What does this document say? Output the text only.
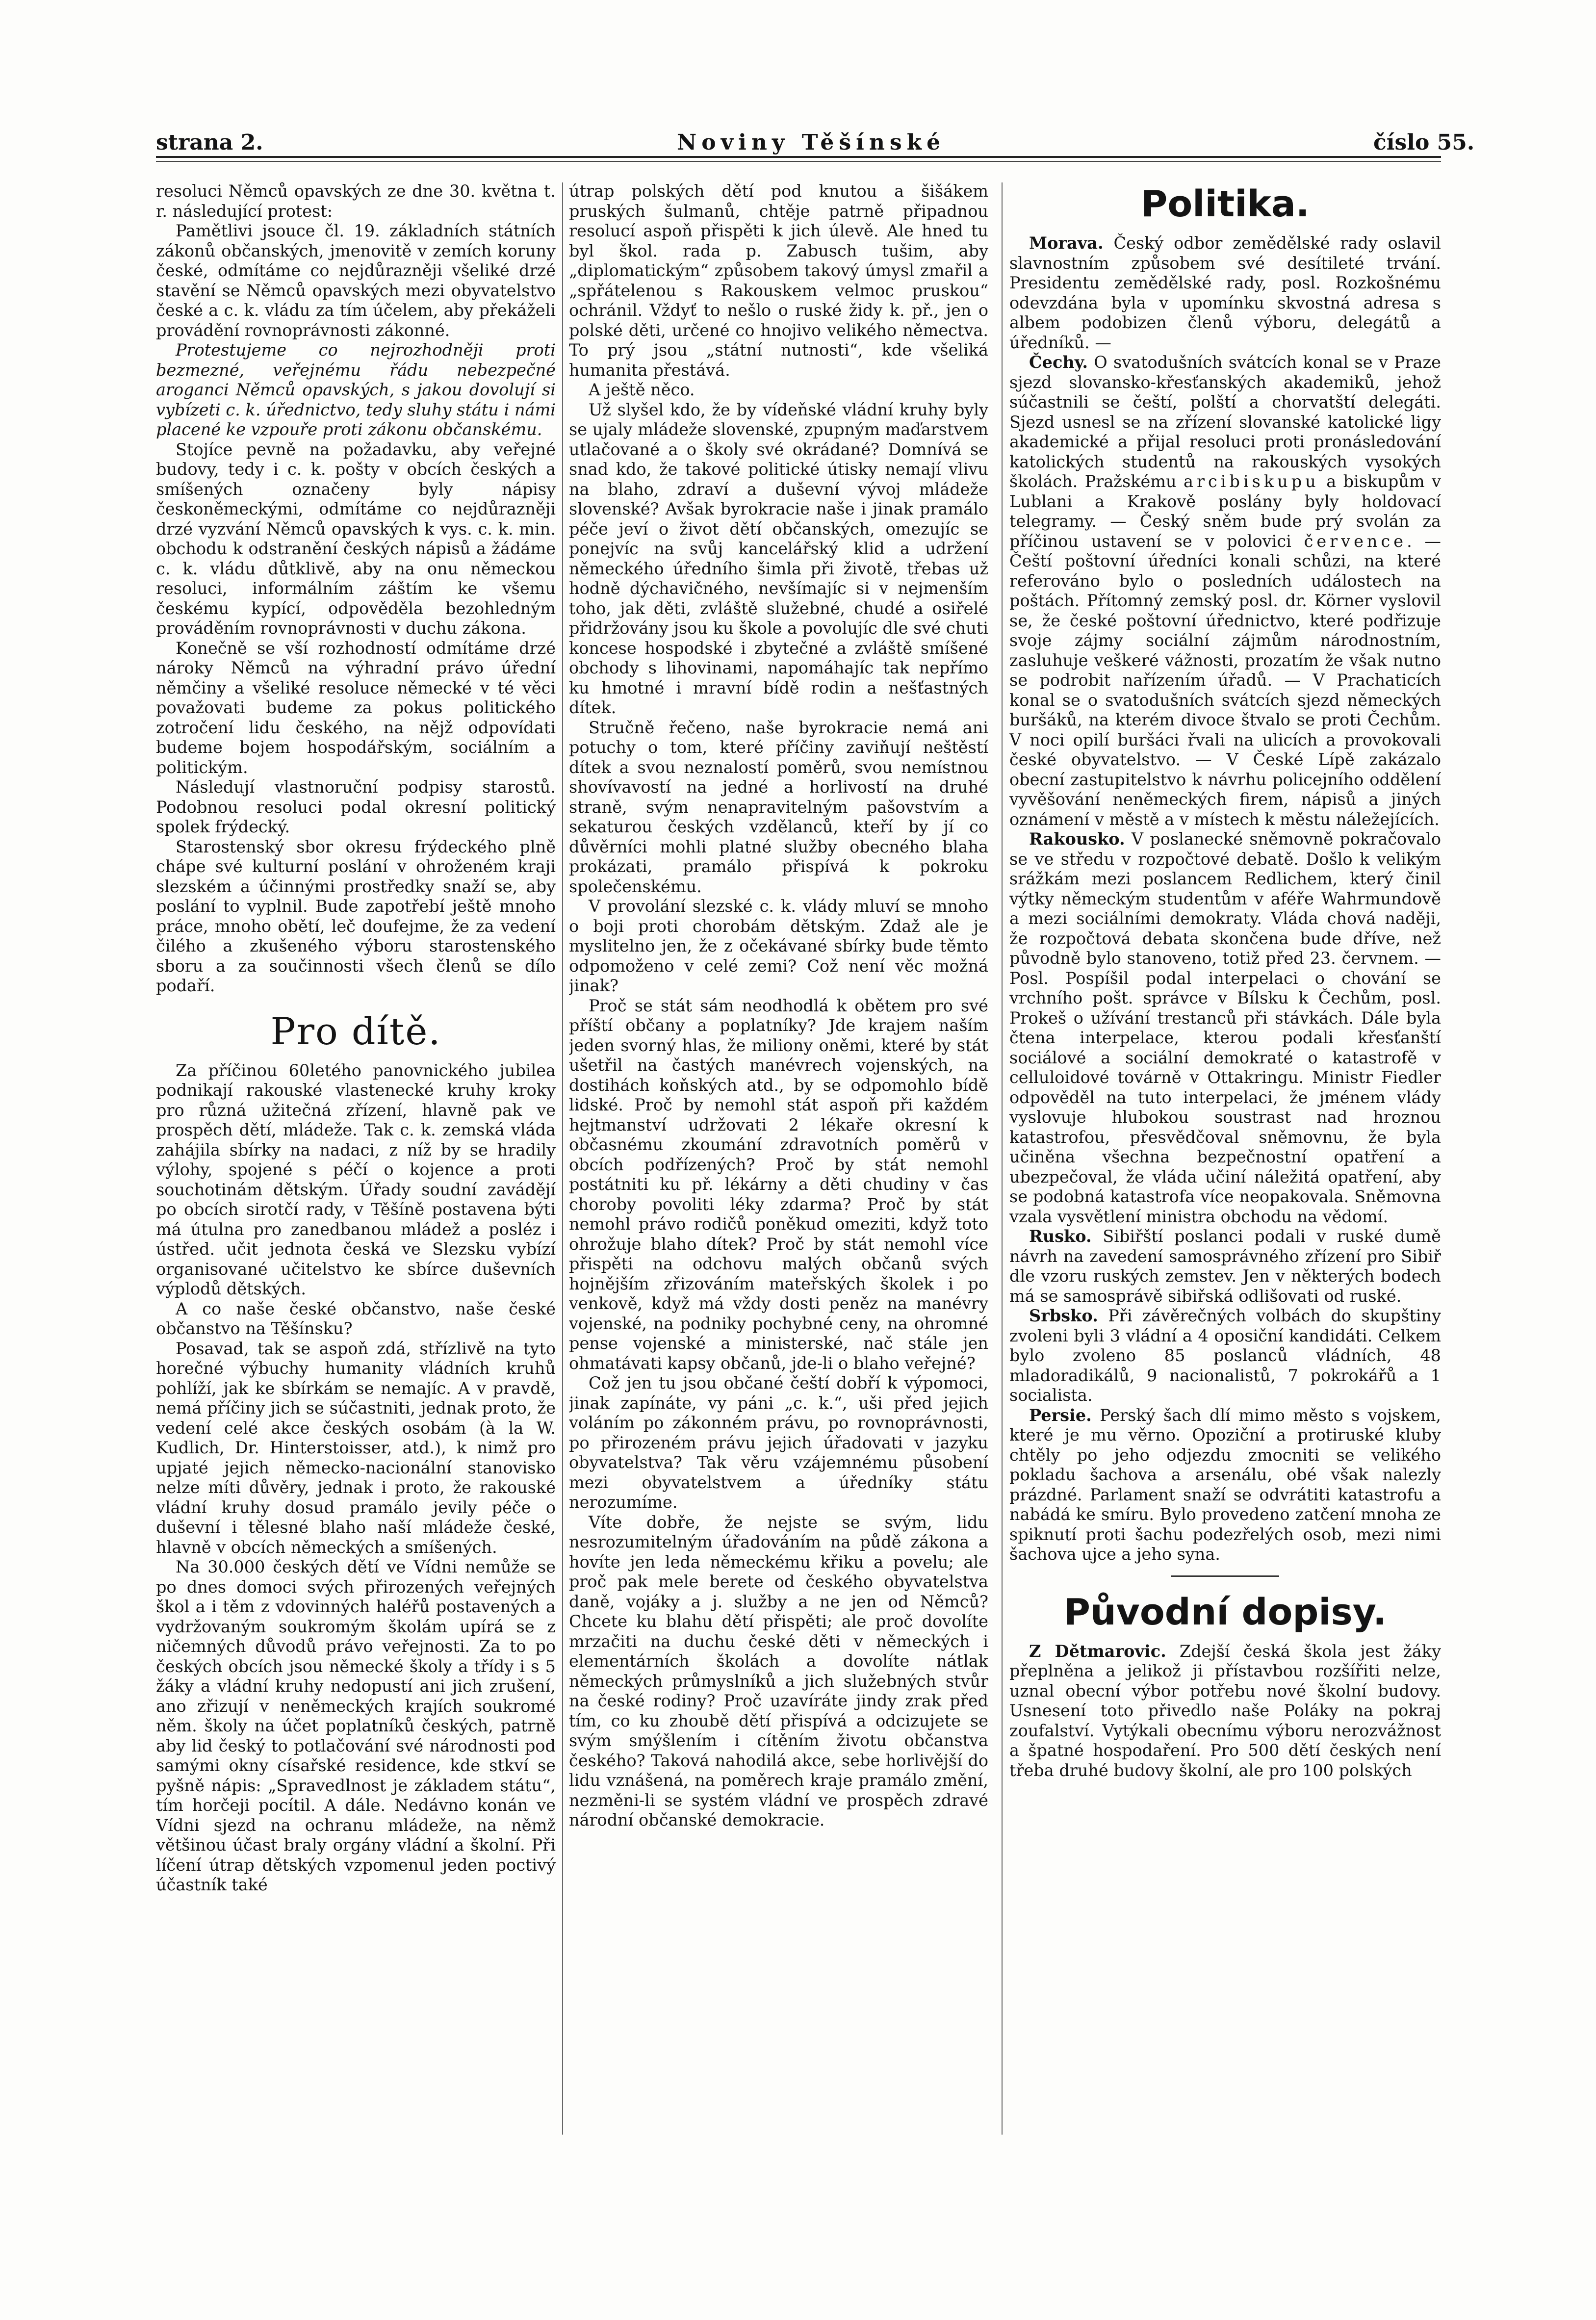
strana 2.	Noviny Těšínské	číslo 55.

resoluci Němců opavských ze dne 30. května t. r. následující protest:

Pamětlivi jsouce čl. 19. základních státních zákonů občanských, jmenovitě v zemích koruny české, odmítáme co nejdůrazněji všeliké drzé stavění se Němců opavských mezi obyvatelstvo české a c. k. vládu za tím účelem, aby překáželi provádění rovnoprávnosti zákonné.

Protestujeme co nejrozhodněji proti bezmezné, veřejnému řádu nebezpečné aroganci Němců opavských, s jakou dovolují si vybízeti c. k. úřednictvo, tedy sluhy státu i námi placené ke vzpouře proti zákonu občanskému.

Stojíce pevně na požadavku, aby veřejné budovy, tedy i c. k. pošty v obcích českých a smíšených označeny byly nápisy českoněmeckými, odmítáme co nejdůrazněji drzé vyzvání Němců opavských k vys. c. k. min. obchodu k odstranění českých nápisů a žádáme c. k. vládu důtklivě, aby na onu německou resoluci, informálním záštím ke všemu českému kypící, odpověděla bezohledným prováděním rovnoprávnosti v duchu zákona.

Konečně se vší rozhodností odmítáme drzé nároky Němců na výhradní právo úřední němčiny a všeliké resoluce německé v té věci považovati budeme za pokus politického zotročení lidu českého, na nějž odpovídati budeme bojem hospodářským, sociálním a politickým.

Následují vlastnoruční podpisy starostů. Podobnou resoluci podal okresní politický spolek frýdecký.

Starostenský sbor okresu frýdeckého plně chápe své kulturní poslání v ohroženém kraji slezském a účinnými prostředky snaží se, aby poslání to vyplnil. Bude zapotřebí ještě mnoho práce, mnoho obětí, leč doufejme, že za vedení čilého a zkušeného výboru starostenského sboru a za součinnosti všech členů se dílo podaří.

Pro dítě.

Za příčinou 60letého panovnického jubilea podnikají rakouské vlastenecké kruhy kroky pro různá užitečná zřízení, hlavně pak ve prospěch dětí, mládeže. Tak c. k. zemská vláda zahájila sbírky na nadaci, z níž by se hradily výlohy, spojené s péčí o kojence a proti souchotinám dětským. Úřady soudní zavádějí po obcích sirotčí rady, v Těšíně postavena býti má útulna pro zanedbanou mládež a posléz i ústřed. učit jednota česká ve Slezsku vybízí organisované učitelstvo ke sbírce duševních výplodů dětských.

A co naše české občanstvo, naše české občanstvo na Těšínsku?

Posavad, tak se aspoň zdá, střízlivě na tyto horečné výbuchy humanity vládních kruhů pohlíží, jak ke sbírkám se nemajíc. A v pravdě, nemá příčiny jich se súčastniti, jednak proto, že vedení celé akce českých osobám (à la W. Kudlich, Dr. Hinterstoisser, atd.), k nimž pro upjaté jejich německo-nacionální stanovisko nelze míti důvěry, jednak i proto, že rakouské vládní kruhy dosud pramálo jevily péče o duševní i tělesné blaho naší mládeže české, hlavně v obcích německých a smíšených.

Na 30.000 českých dětí ve Vídni nemůže se po dnes domoci svých přirozených veřejných škol a i těm z vdovinných haléřů postavených a vydržovaným soukromým školám upírá se z ničemných důvodů právo veřejnosti. Za to po českých obcích jsou německé školy a třídy i s 5 žáky a vládní kruhy nedopustí ani jich zrušení, ano zřizují v neněmeckých krajích soukromé něm. školy na účet poplatníků českých, patrně aby lid český to potlačování své národnosti pod samými okny císařské residence, kde stkví se pyšně nápis: „Spravedlnost je základem státu“, tím horčeji pocítil. A dále. Nedávno konán ve Vídni sjezd na ochranu mládeže, na němž většinou účast braly orgány vládní a školní. Při líčení útrap dětských vzpomenul jeden poctivý účastník také

útrap polských dětí pod knutou a šišákem pruských šulmanů, chtěje patrně připadnou resolucí aspoň přispěti k jich úlevě. Ale hned tu byl škol. rada p. Zabusch tušim, aby „diplomatickým“ způsobem takový úmysl zmařil a „spřátelenou s Rakouskem velmoc pruskou“ ochránil. Vždyť to nešlo o ruské židy k. př., jen o polské děti, určené co hnojivo velikého němectva. To prý jsou „státní nutnosti“, kde všeliká humanita přestává.

A ještě něco.

Už slyšel kdo, že by vídeňské vládní kruhy byly se ujaly mládeže slovenské, zpupným maďarstvem utlačované a o školy své okrádané? Domnívá se snad kdo, že takové politické útisky nemají vlivu na blaho, zdraví a duševní vývoj mládeže slovenské? Avšak byrokracie naše i jinak pramálo péče jeví o život dětí občanských, omezujíc se ponejvíc na svůj kancelářský klid a udržení německého úředního šimla při životě, třebas už hodně dýchavičného, nevšímajíc si v nejmenším toho, jak děti, zvláště služebné, chudé a osiřelé přidržovány jsou ku škole a povolujíc dle své chuti koncese hospodské i zbytečné a zvláště smíšené obchody s lihovinami, napomáhajíc tak nepřímo ku hmotné i mravní bídě rodin a nešťastných dítek.

Stručně řečeno, naše byrokracie nemá ani potuchy o tom, které příčiny zaviňují neštěstí dítek a svou neznalostí poměrů, svou nemístnou shovívavostí na jedné a horlivostí na druhé straně, svým nenapravitelným pašovstvím a sekaturou českých vzdělanců, kteří by jí co důvěrníci mohli platné služby obecného blaha prokázati, pramálo přispívá k pokroku společenskému.

V provolání slezské c. k. vlády mluví se mnoho o boji proti chorobám dětským. Zdaž ale je myslitelno jen, že z očekávané sbírky bude těmto odpomoženo v celé zemi? Což není věc možná jinak?

Proč se stát sám neodhodlá k obětem pro své příští občany a poplatníky? Jde krajem naším jeden svorný hlas, že miliony oněmi, které by stát ušetřil na častých manévrech vojenských, na dostihách koňských atd., by se odpomohlo bídě lidské. Proč by nemohl stát aspoň při každém hejtmanství udržovati 2 lékaře okresní k občasnému zkoumání zdravotních poměrů v obcích podřízených? Proč by stát nemohl postátniti ku př. lékárny a děti chudiny v čas choroby povoliti léky zdarma? Proč by stát nemohl právo rodičů poněkud omeziti, když toto ohrožuje blaho dítek? Proč by stát nemohl více přispěti na odchovu malých občanů svých hojnějším zřizováním mateřských školek i po venkově, když má vždy dosti peněz na manévry vojenské, na podniky pochybné ceny, na ohromné pense vojenské a ministerské, nač stále jen ohmatávati kapsy občanů, jde-li o blaho veřejné?

Což jen tu jsou občané čeští dobří k výpomoci, jinak zapínáte, vy páni „c. k.“, uši před jejich voláním po zákonném právu, po rovnoprávnosti, po přirozeném právu jejich úřadovati v jazyku obyvatelstva? Tak věru vzájemnému působení mezi obyvatelstvem a úředníky státu nerozumíme.

Víte dobře, že nejste se svým, lidu nesrozumitelným úřadováním na půdě zákona a hovíte jen leda německému křiku a povelu; ale proč pak mele berete od českého obyvatelstva daně, vojáky a j. služby a ne jen od Němců? Chcete ku blahu dětí přispěti; ale proč dovolíte mrzačiti na duchu české děti v německých i elementárních školách a dovolíte nátlak německých průmyslníků a jich služebných stvůr na české rodiny? Proč uzavíráte jindy zrak před tím, co ku zhoubě dětí přispívá a odcizujete se svým smýšlením i cítěním životu občanstva českého? Taková nahodilá akce, sebe horlivější do lidu vznášená, na poměrech kraje pramálo změní, nezměni-li se systém vládní ve prospěch zdravé národní občanské demokracie.

Politika.

Morava. Český odbor zemědělské rady oslavil slavnostním způsobem své desítileté trvání. Presidentu zemědělské rady, posl. Rozkošnému odevzdána byla v upomínku skvostná adresa s albem podobizen členů výboru, delegátů a úředníků. —

Čechy. O svatodušních svátcích konal se v Praze sjezd slovansko-křesťanských akademiků, jehož súčastnili se čeští, polští a chorvatští delegáti. Sjezd usnesl se na zřízení slovanské katolické ligy akademické a přijal resoluci proti pronásledování katolických studentů na rakouských vysokých školách. Pražskému arcibiskupu a biskupům v Lublani a Krakově poslány byly holdovací telegramy. — Český sněm bude prý svolán za příčinou ustavení se v polovici července. — Čeští poštovní úředníci konali schůzi, na které referováno bylo o posledních událostech na poštách. Přítomný zemský posl. dr. Körner vyslovil se, že české poštovní úřednictvo, které podřizuje svoje zájmy sociální zájmům národnostním, zasluhuje veškeré vážnosti, prozatím že však nutno se podrobit nařízením úřadů. — V Prachaticích konal se o svatodušních svátcích sjezd německých buršáků, na kterém divoce štvalo se proti Čechům. V noci opilí buršáci řvali na ulicích a provokovali české obyvatelstvo. — V České Lípě zakázalo obecní zastupitelstvo k návrhu policejního oddělení vyvěšování neněmeckých firem, nápisů a jiných oznámení v městě a v místech k městu náležejících.

Rakousko. V poslanecké sněmovně pokračovalo se ve středu v rozpočtové debatě. Došlo k velikým srážkám mezi poslancem Redlichem, který činil výtky německým studentům v aféře Wahrmundově a mezi sociálními demokraty. Vláda chová naději, že rozpočtová debata skončena bude dříve, než původně bylo stanoveno, totiž před 23. červnem. — Posl. Pospíšil podal interpelaci o chování se vrchního pošt. správce v Bílsku k Čechům, posl. Prokeš o užívání trestanců při stávkách. Dále byla čtena interpelace, kterou podali křesťanští sociálové a sociální demokraté o katastrofě v celluloidové továrně v Ottakringu. Ministr Fiedler odpověděl na tuto interpelaci, že jménem vlády vyslovuje hlubokou soustrast nad hroznou katastrofou, přesvědčoval sněmovnu, že byla učiněna všechna bezpečnostní opatření a ubezpečoval, že vláda učiní náležitá opatření, aby se podobná katastrofa více neopakovala. Sněmovna vzala vysvětlení ministra obchodu na vědomí.

Rusko. Sibiřští poslanci podali v ruské dumě návrh na zavedení samosprávného zřízení pro Sibiř dle vzoru ruských zemstev. Jen v některých bodech má se samosprávě sibiřská odlišovati od ruské.

Srbsko. Při závěrečných volbách do skupštiny zvoleni byli 3 vládní a 4 oposiční kandidáti. Celkem bylo zvoleno 85 poslanců vládních, 48 mladoradikálů, 9 nacionalistů, 7 pokrokářů a 1 socialista.

Persie. Perský šach dlí mimo město s vojskem, které je mu věrno. Opoziční a protiruské kluby chtěly po jeho odjezdu zmocniti se velikého pokladu šachova a arsenálu, obé však nalezly prázdné. Parlament snaží se odvrátiti katastrofu a nabádá ke smíru. Bylo provedeno zatčení mnoha ze spiknutí proti šachu podezřelých osob, mezi nimi šachova ujce a jeho syna.

Původní dopisy.

Z Dětmarovic. Zdejší česká škola jest žáky přeplněna a jelikož ji přístavbou rozšířiti nelze, uznal obecní výbor potřebu nové školní budovy. Usnesení toto přivedlo naše Poláky na pokraj zoufalství. Vytýkali obecnímu výboru nerozvážnost a špatné hospodaření. Pro 500 dětí českých není třeba druhé budovy školní, ale pro 100 polských
